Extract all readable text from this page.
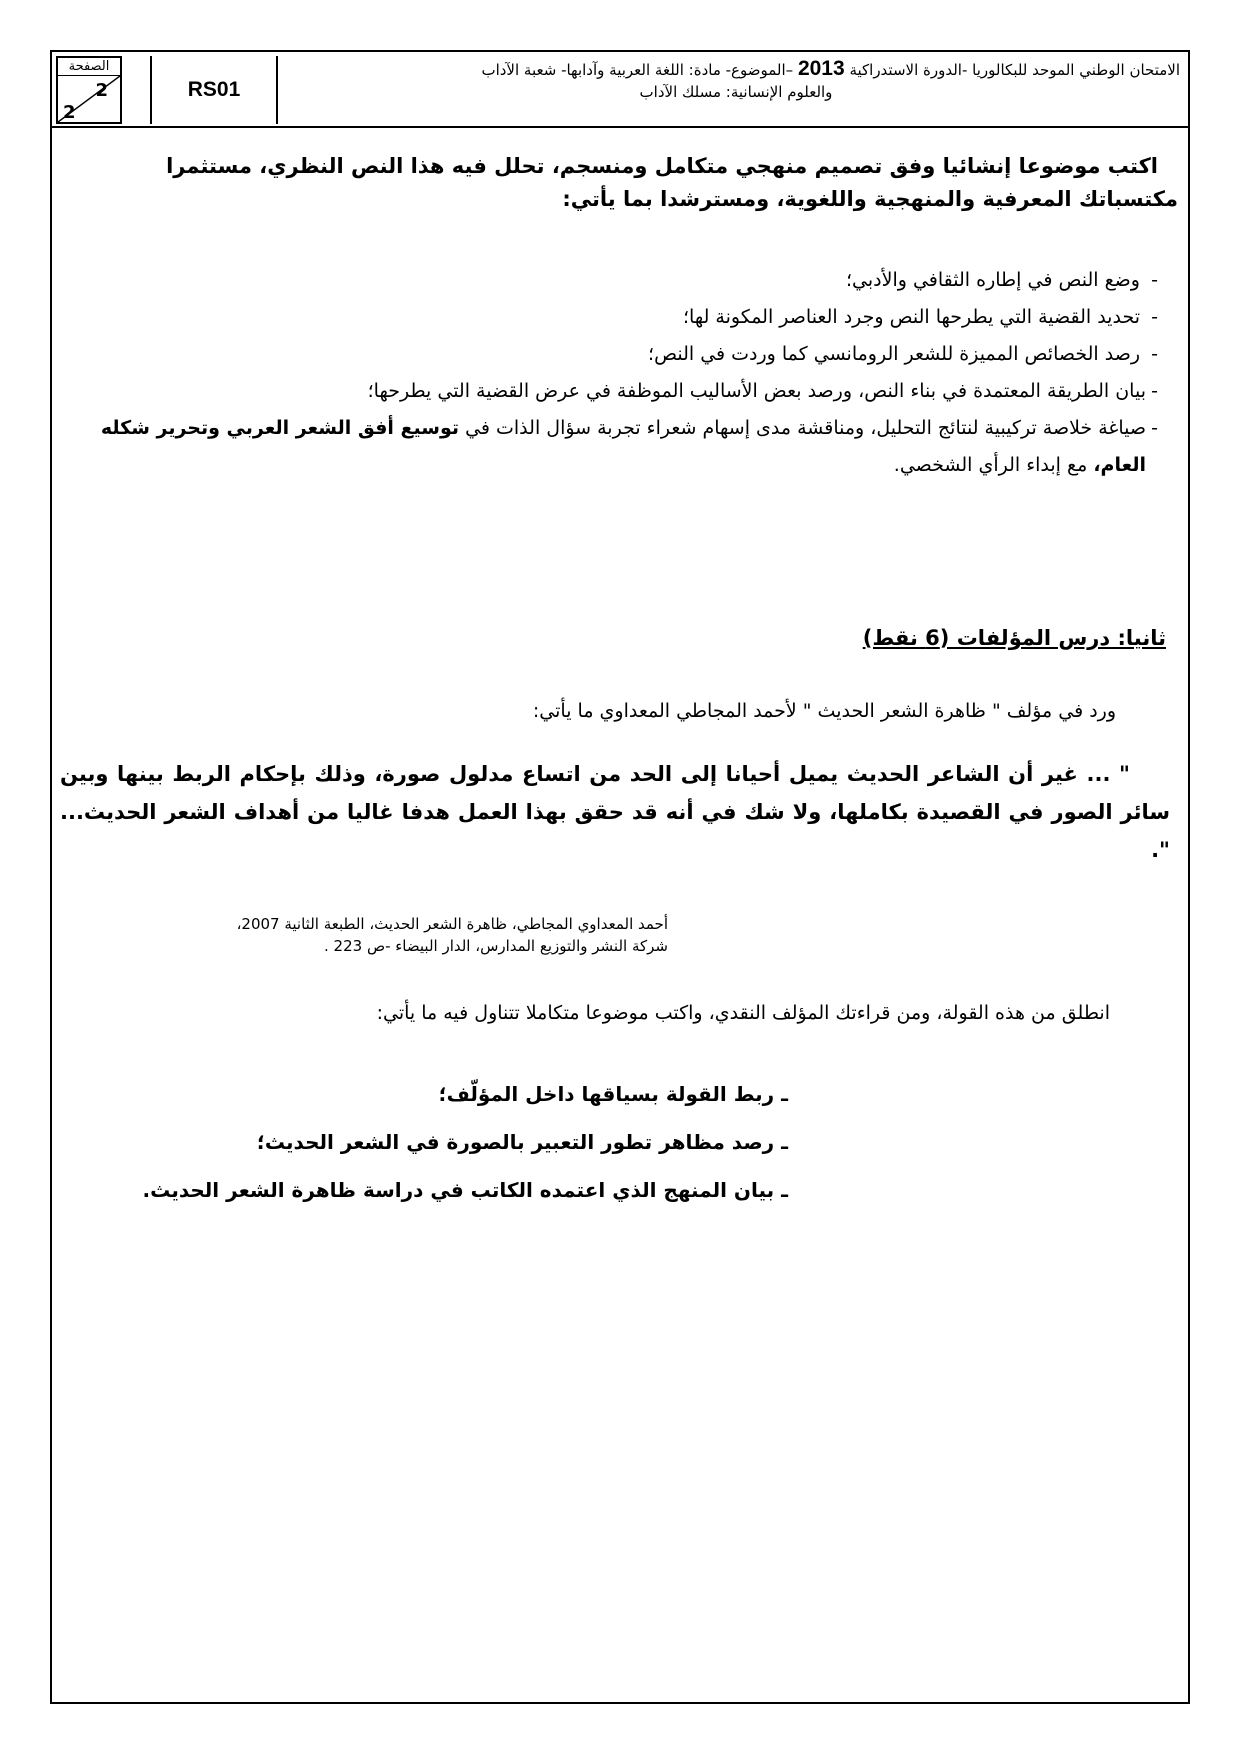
الصفحة
2
2
RS01
الامتحان الوطني الموحد للبكالوريا -الدورة الاستدراكية 2013 –الموضوع- مادة: اللغة العربية وآدابها- شعبة الآداب
والعلوم الإنسانية: مسلك الآداب
اكتب موضوعا إنشائيا وفق تصميم منهجي متكامل ومنسجم، تحلل فيه هذا النص النظري، مستثمرا
مكتسباتك المعرفية والمنهجية واللغوية، ومسترشدا بما يأتي:
- وضع النص في إطاره الثقافي والأدبي؛
- تحديد القضية التي يطرحها النص وجرد العناصر المكونة لها؛
- رصد الخصائص المميزة للشعر الرومانسي كما وردت في النص؛
- بيان الطريقة المعتمدة في بناء النص، ورصد بعض الأساليب الموظفة في عرض القضية التي يطرحها؛
- صياغة خلاصة تركيبية لنتائج التحليل، ومناقشة مدى إسهام شعراء تجربة سؤال الذات في توسيع أفق الشعر العربي وتحرير شكله العام، مع إبداء الرأي الشخصي.
ثانيا: درس المؤلفات (6 نقط)
ورد في مؤلف " ظاهرة الشعر الحديث " لأحمد المجاطي المعداوي ما يأتي:
" ... غير أن الشاعر الحديث يميل أحيانا إلى الحد من اتساع مدلول صورة، وذلك بإحكام الربط بينها وبين سائر الصور في القصيدة بكاملها، ولا شك في أنه قد حقق بهذا العمل هدفا غاليا من أهداف الشعر الحديث... ".
أحمد المعداوي المجاطي، ظاهرة الشعر الحديث، الطبعة الثانية 2007،
شركة النشر والتوزيع المدارس، الدار البيضاء -ص 223 .
انطلق من هذه القولة، ومن قراءتك المؤلف النقدي، واكتب موضوعا متكاملا تتناول فيه ما يأتي:
ـ ربط القولة بسياقها داخل المؤلّف؛
ـ رصد مظاهر تطور التعبير بالصورة في الشعر الحديث؛
ـ بيان المنهج الذي اعتمده الكاتب في دراسة ظاهرة الشعر الحديث.
